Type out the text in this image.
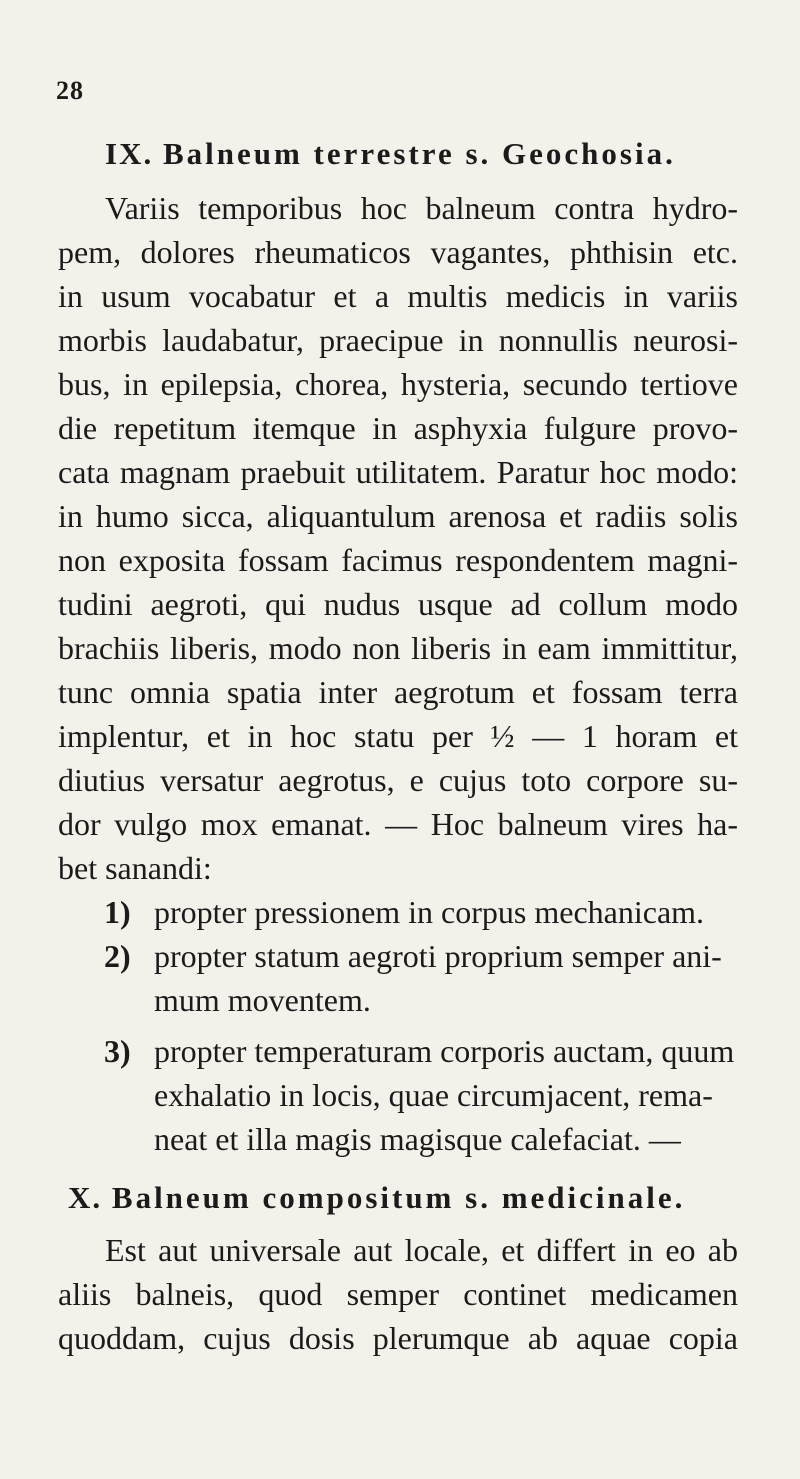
28
IX. Balneum terrestre s. Geochosia.
Variis temporibus hoc balneum contra hydro-
pem, dolores rheumaticos vagantes, phthisin etc.
in usum vocabatur et a multis medicis in variis
morbis laudabatur, praecipue in nonnullis neurosi-
bus, in epilepsia, chorea, hysteria, secundo tertiove
die repetitum itemque in asphyxia fulgure provo-
cata magnam praebuit utilitatem. Paratur hoc modo:
in humo sicca, aliquantulum arenosa et radiis solis
non exposita fossam facimus respondentem magni-
tudini aegroti, qui nudus usque ad collum modo
brachiis liberis, modo non liberis in eam immittitur,
tunc omnia spatia inter aegrotum et fossam terra
implentur, et in hoc statu per ½ — 1 horam et
diutius versatur aegrotus, e cujus toto corpore su-
dor vulgo mox emanat. — Hoc balneum vires ha-
bet sanandi:
1) propter pressionem in corpus mechanicam.
2) propter statum aegroti proprium semper ani-
mum moventem.
3) propter temperaturam corporis auctam, quum
exhalatio in locis, quae circumjacent, rema-
neat et illa magis magisque calefaciat. —
X. Balneum compositum s. medicinale.
Est aut universale aut locale, et differt in eo ab
aliis balneis, quod semper continet medicamen
quoddam, cujus dosis plerumque ab aquae copia
